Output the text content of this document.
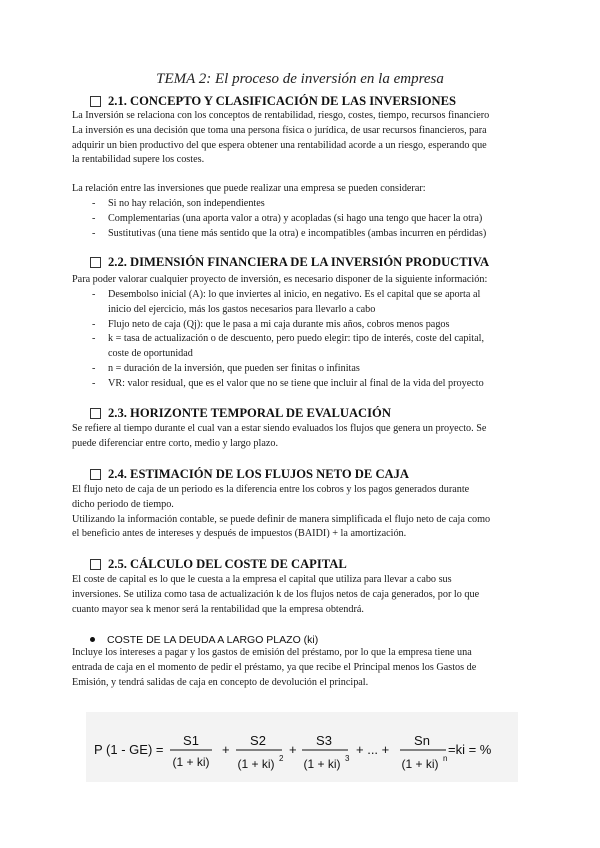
TEMA 2: El proceso de inversión en la empresa
2.1. CONCEPTO Y CLASIFICACIÓN DE LAS INVERSIONES

La Inversión se relaciona con los conceptos de rentabilidad, riesgo, costes, tiempo, recursos financiero
La inversión es una decisión que toma una persona física o jurídica, de usar recursos financieros, para
adquirir un bien productivo del que espera obtener una rentabilidad acorde a un riesgo, esperando que
la rentabilidad supere los costes.

La relación entre las inversiones que puede realizar una empresa se pueden considerar:

- Si no hay relación, son independientes
- Complementarias (una aporta valor a otra) y acopladas (si hago una tengo que hacer la otra)
- Sustitutivas (una tiene más sentido que la otra) e incompatibles (ambas incurren en pérdidas)
2.2. DIMENSIÓN FINANCIERA DE LA INVERSIÓN PRODUCTIVA

Para poder valorar cualquier proyecto de inversión, es necesario disponer de la siguiente información:

- Desembolso inicial (A): lo que inviertes al inicio, en negativo. Es el capital que se aporta al
inicio del ejercicio, más los gastos necesarios para llevarlo a cabo
- Flujo neto de caja (Qj): que le pasa a mi caja durante mis años, cobros menos pagos
- k = tasa de actualización o de descuento, pero puedo elegir: tipo de interés, coste del capital,
coste de oportunidad
- n = duración de la inversión, que pueden ser finitas o infinitas
- VR: valor residual, que es el valor que no se tiene que incluir al final de la vida del proyecto
2.3. HORIZONTE TEMPORAL DE EVALUACIÓN

Se refiere al tiempo durante el cual van a estar siendo evaluados los flujos que genera un proyecto. Se
puede diferenciar entre corto, medio y largo plazo.

2.4. ESTIMACIÓN DE LOS FLUJOS NETO DE CAJA

El flujo neto de caja de un periodo es la diferencia entre los cobros y los pagos generados durante
dicho periodo de tiempo.
Utilizando la información contable, se puede definir de manera simplificada el flujo neto de caja como
el beneficio antes de intereses y después de impuestos (BAIDI) + la amortización.

2.5. CÁLCULO DEL COSTE DE CAPITAL

El coste de capital es lo que le cuesta a la empresa el capital que utiliza para llevar a cabo sus
inversiones. Se utiliza como tasa de actualización k de los flujos netos de caja generados, por lo que
cuanto mayor sea k menor será la rentabilidad que la empresa obtendrá.

COSTE DE LA DEUDA A LARGO PLAZO (ki)

Incluye los intereses a pagar y los gastos de emisión del préstamo, por lo que la empresa tiene una
entrada de caja en el momento de pedir el préstamo, ya que recibe el Principal menos los Gastos de
Emisión, y tendrá salidas de caja en concepto de devolución el principal.

P (1 - GE) =
S1
(1 + ki)
+
S2
(1 + ki) 2
+
S3
(1 + ki) 3
+ ... +
Sn
(1 + ki) n
=ki = %
